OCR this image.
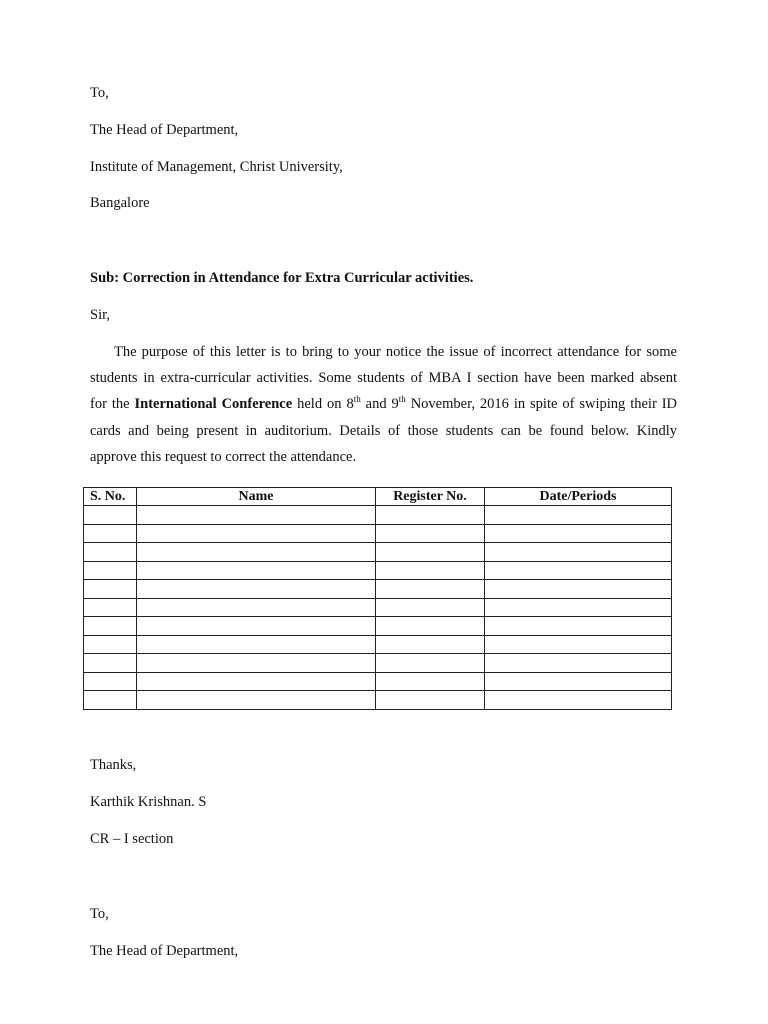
To,
The Head of Department,
Institute of Management, Christ University,
Bangalore
Sub: Correction in Attendance for Extra Curricular activities.
Sir,
The purpose of this letter is to bring to your notice the issue of incorrect attendance for some
students in extra-curricular activities. Some students of MBA I section have been marked absent
for the International Conference held on 8th and 9th November, 2016 in spite of swiping their ID
cards and being present in auditorium. Details of those students can be found below. Kindly
approve this request to correct the attendance.
S. No.	Name	Register No.	Date/Periods

Thanks,
Karthik Krishnan. S
CR – I section
To,
The Head of Department,
